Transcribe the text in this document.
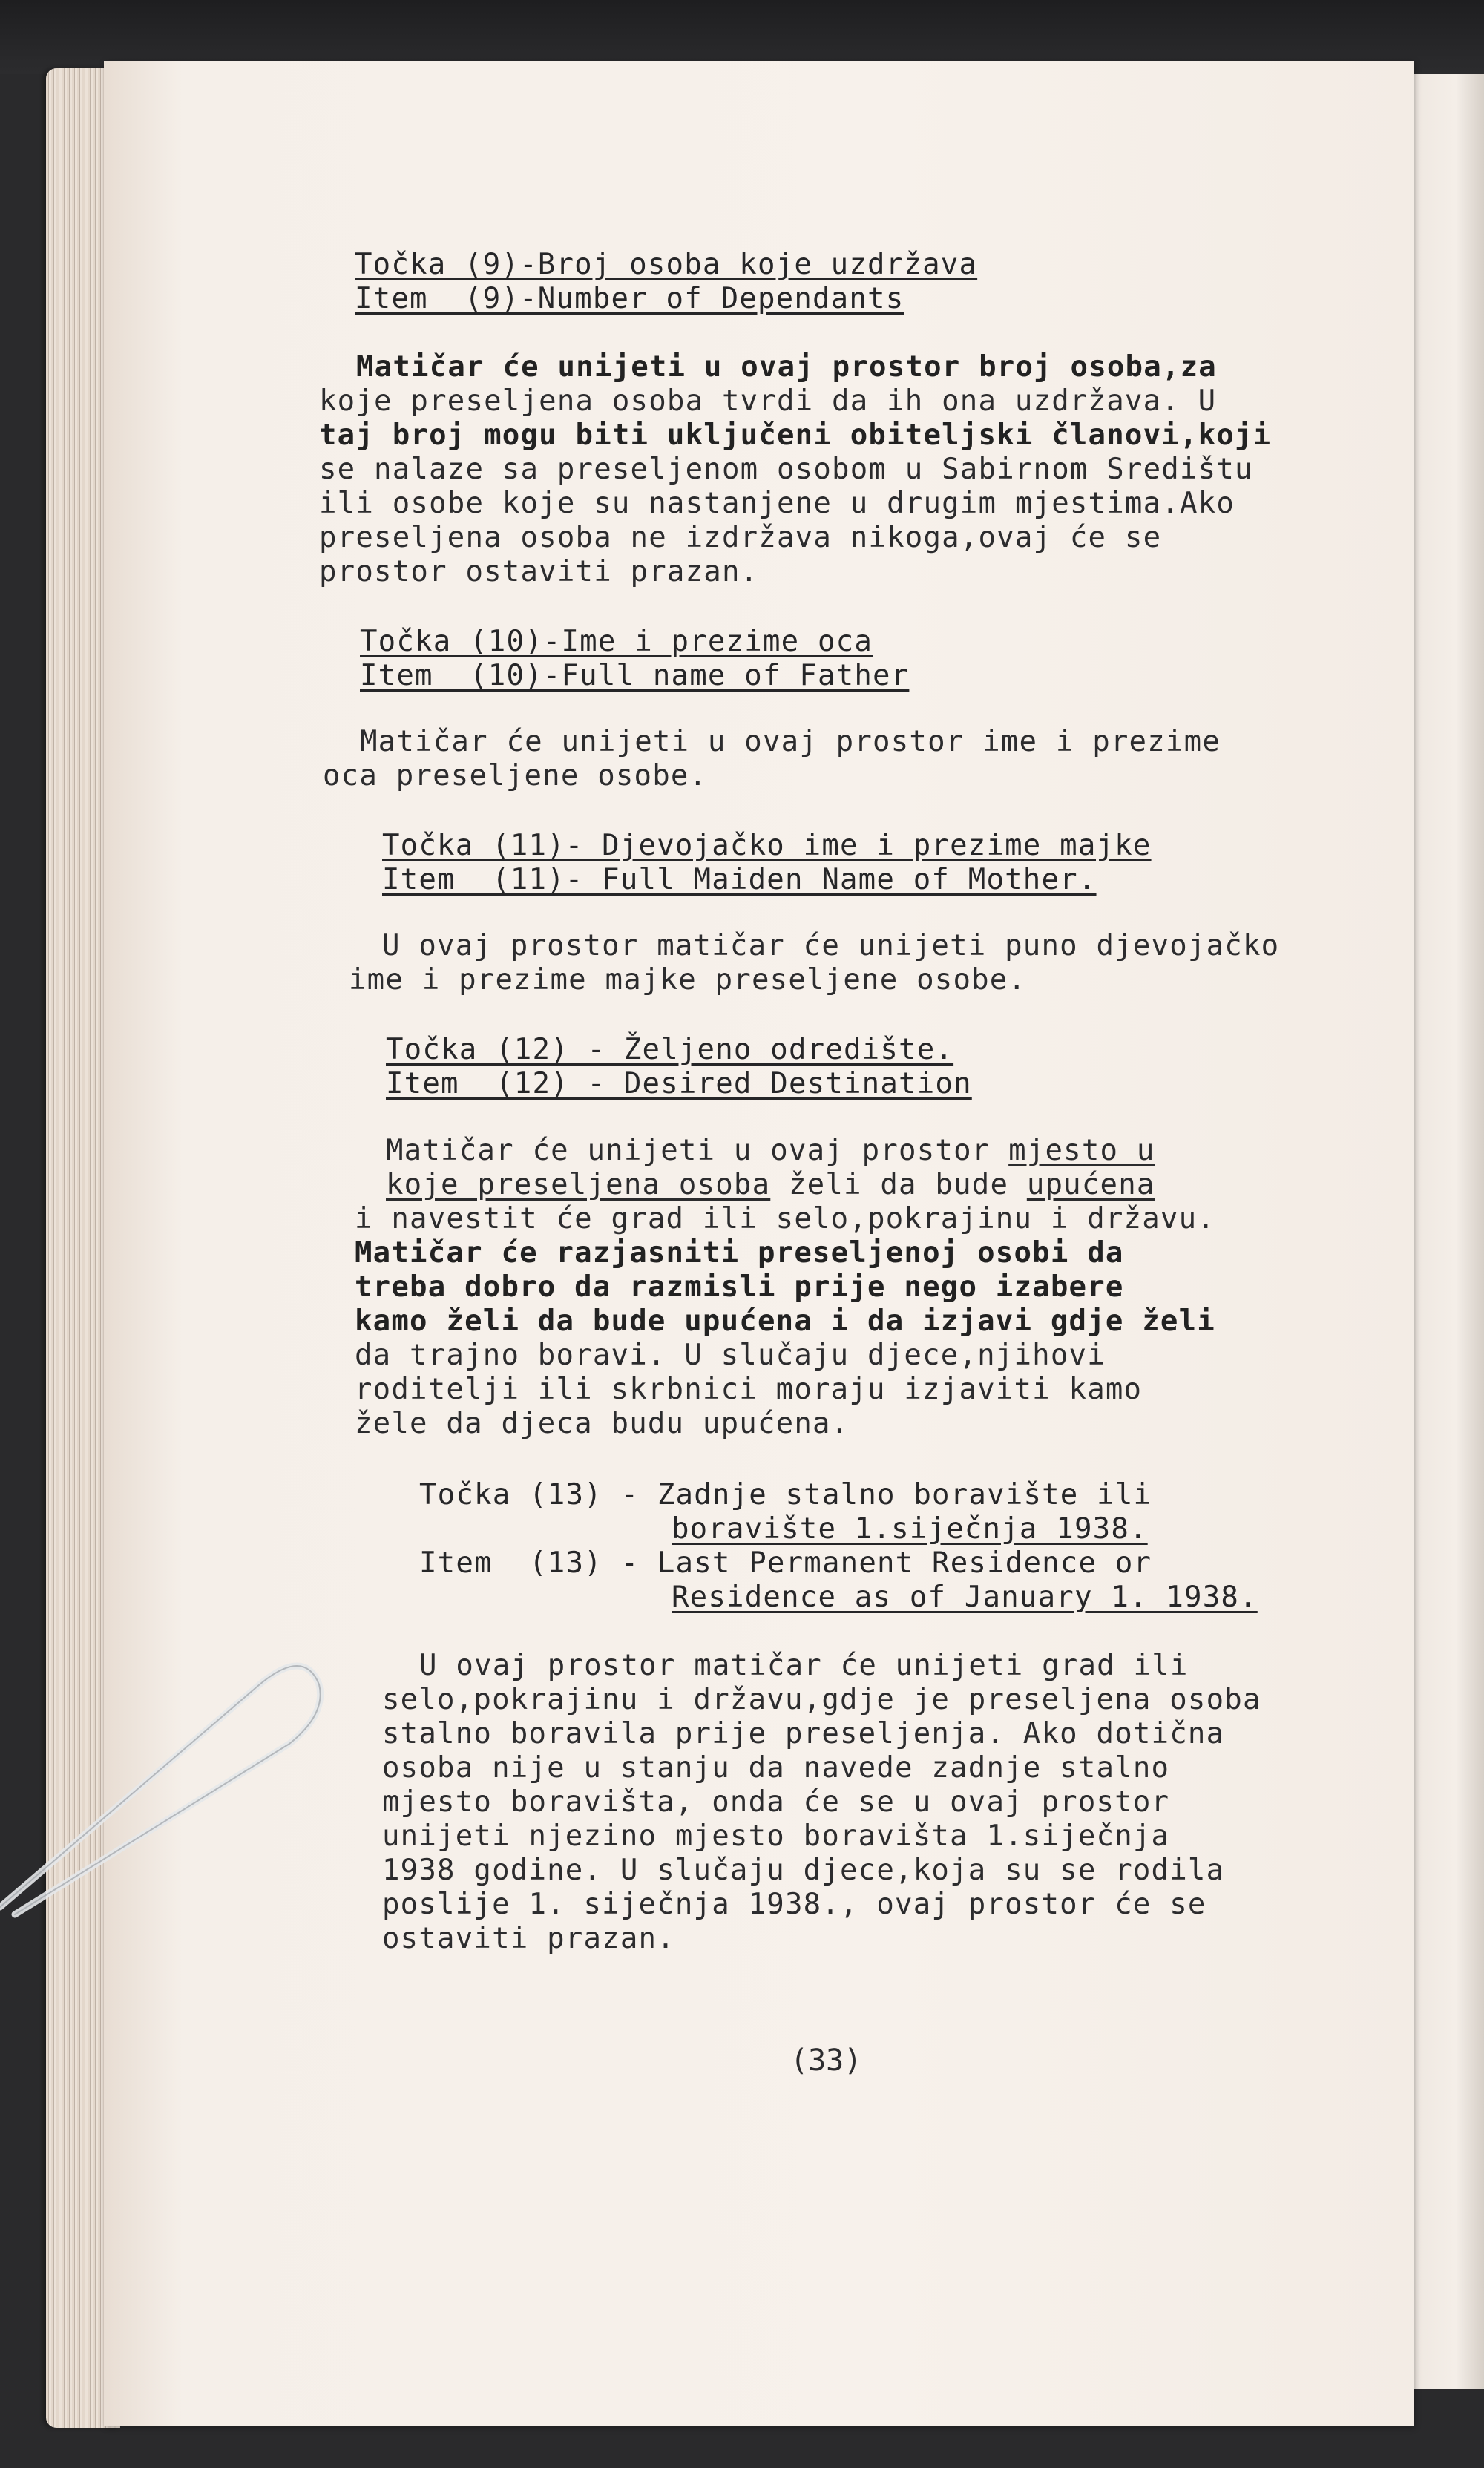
Točka (9)-Broj osoba koje uzdržava
Item  (9)-Number of Dependants
Matičar će unijeti u ovaj prostor broj osoba,za
koje preseljena osoba tvrdi da ih ona uzdržava. U
taj broj mogu biti uključeni obiteljski članovi,koji
se nalaze sa preseljenom osobom u Sabirnom Središtu
ili osobe koje su nastanjene u drugim mjestima.Ako
preseljena osoba ne izdržava nikoga,ovaj će se
prostor ostaviti prazan.
Točka (10)-Ime i prezime oca
Item  (10)-Full name of Father
Matičar će unijeti u ovaj prostor ime i prezime
oca preseljene osobe.
Točka (11)- Djevojačko ime i prezime majke
Item  (11)- Full Maiden Name of Mother.
U ovaj prostor matičar će unijeti puno djevojačko
ime i prezime majke preseljene osobe.
Točka (12) - Željeno odredište.
Item  (12) - Desired Destination
Matičar će unijeti u ovaj prostor mjesto u
koje preseljena osoba želi da bude upućena
i navestit će grad ili selo,pokrajinu i državu.
Matičar će razjasniti preseljenoj osobi da
treba dobro da razmisli prije nego izabere
kamo želi da bude upućena i da izjavi gdje želi
da trajno boravi. U slučaju djece,njihovi
roditelji ili skrbnici moraju izjaviti kamo
žele da djeca budu upućena.
Točka (13) - Zadnje stalno boravište ili
boravište 1.siječnja 1938.
Item  (13) - Last Permanent Residence or
Residence as of January 1. 1938.
U ovaj prostor matičar će unijeti grad ili
selo,pokrajinu i državu,gdje je preseljena osoba
stalno boravila prije preseljenja. Ako dotična
osoba nije u stanju da navede zadnje stalno
mjesto boravišta, onda će se u ovaj prostor
unijeti njezino mjesto boravišta 1.siječnja
1938 godine. U slučaju djece,koja su se rodila
poslije 1. siječnja 1938., ovaj prostor će se
ostaviti prazan.
(33)
